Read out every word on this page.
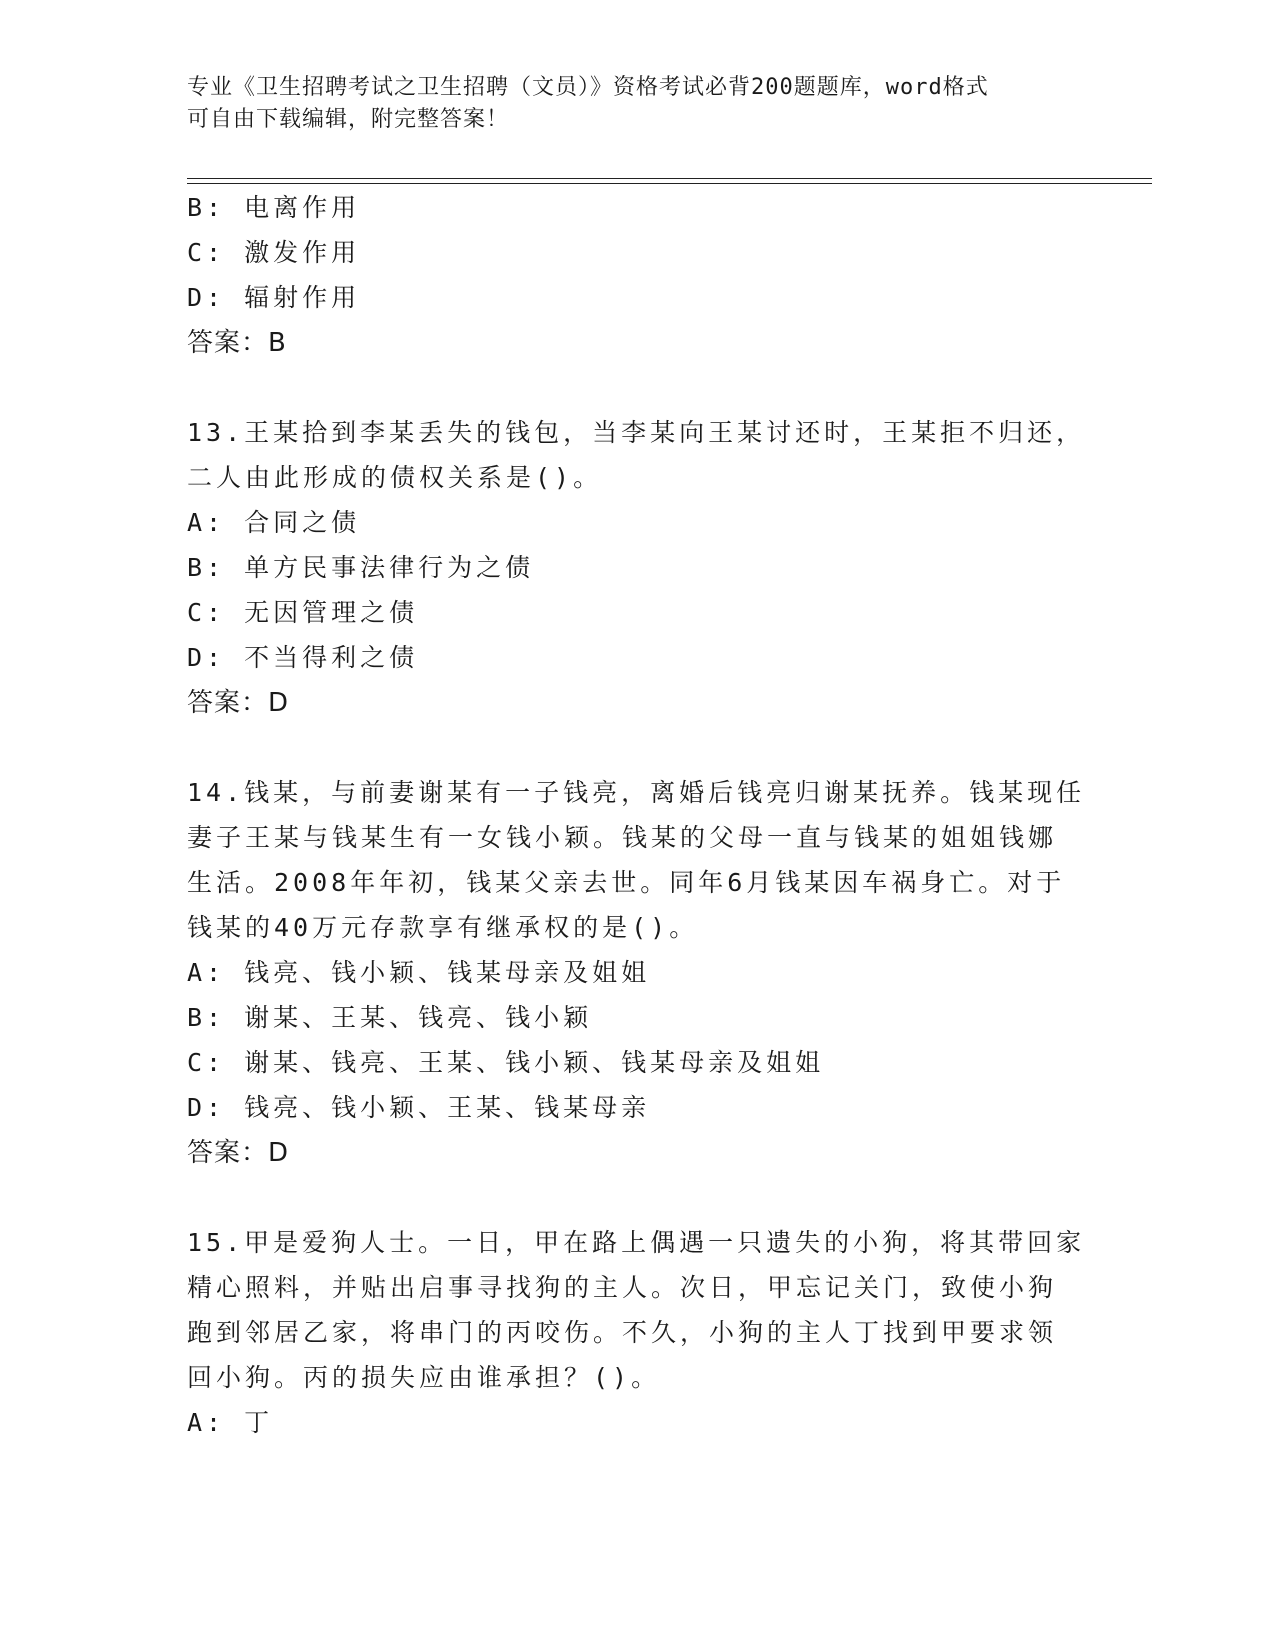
专业《卫生招聘考试之卫生招聘（文员）》资格考试必背200题题库，word格式
可自由下载编辑，附完整答案！
B: 电离作用
C: 激发作用
D: 辐射作用
答案：B
13.王某拾到李某丢失的钱包，当李某向王某讨还时，王某拒不归还，
二人由此形成的债权关系是()。
A: 合同之债
B: 单方民事法律行为之债
C: 无因管理之债
D: 不当得利之债
答案：D
14.钱某，与前妻谢某有一子钱亮，离婚后钱亮归谢某抚养。钱某现任
妻子王某与钱某生有一女钱小颖。钱某的父母一直与钱某的姐姐钱娜
生活。2008年年初，钱某父亲去世。同年6月钱某因车祸身亡。对于
钱某的40万元存款享有继承权的是()。
A: 钱亮、钱小颖、钱某母亲及姐姐
B: 谢某、王某、钱亮、钱小颖
C: 谢某、钱亮、王某、钱小颖、钱某母亲及姐姐
D: 钱亮、钱小颖、王某、钱某母亲
答案：D
15.甲是爱狗人士。一日，甲在路上偶遇一只遗失的小狗，将其带回家
精心照料，并贴出启事寻找狗的主人。次日，甲忘记关门，致使小狗
跑到邻居乙家，将串门的丙咬伤。不久，小狗的主人丁找到甲要求领
回小狗。丙的损失应由谁承担？()。
A: 丁
